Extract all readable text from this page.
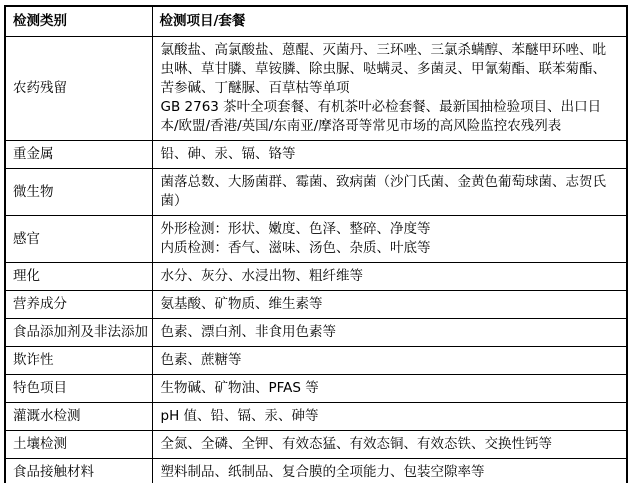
检测类别	检测项目/套餐
农药残留	氯酸盐、高氯酸盐、蒽醌、灭菌丹、三环唑、三氯杀螨醇、苯醚甲环唑、吡虫啉、草甘膦、草铵膦、除虫脲、哒螨灵、多菌灵、甲氰菊酯、联苯菊酯、苦参碱、丁醚脲、百草枯等单项
GB 2763 茶叶全项套餐、有机茶叶必检套餐、最新国抽检验项目、出口日本/欧盟/香港/英国/东南亚/摩洛哥等常见市场的高风险监控农残列表

重金属	铅、砷、汞、镉、铬等

微生物	菌落总数、大肠菌群、霉菌、致病菌（沙门氏菌、金黄色葡萄球菌、志贺氏菌）

感官	外形检测：形状、嫩度、色泽、整碎、净度等
内质检测：香气、滋味、汤色、杂质、叶底等

理化	水分、灰分、水浸出物、粗纤维等

营养成分	氨基酸、矿物质、维生素等

食品添加剂及非法添加	色素、漂白剂、非食用色素等

欺诈性	色素、蔗糖等

特色项目	生物碱、矿物油、PFAS 等

灌溉水检测	pH 值、铅、镉、汞、砷等

土壤检测	全氮、全磷、全钾、有效态猛、有效态铜、有效态铁、交换性钙等

食品接触材料	塑料制品、纸制品、复合膜的全项能力、包装空隙率等
